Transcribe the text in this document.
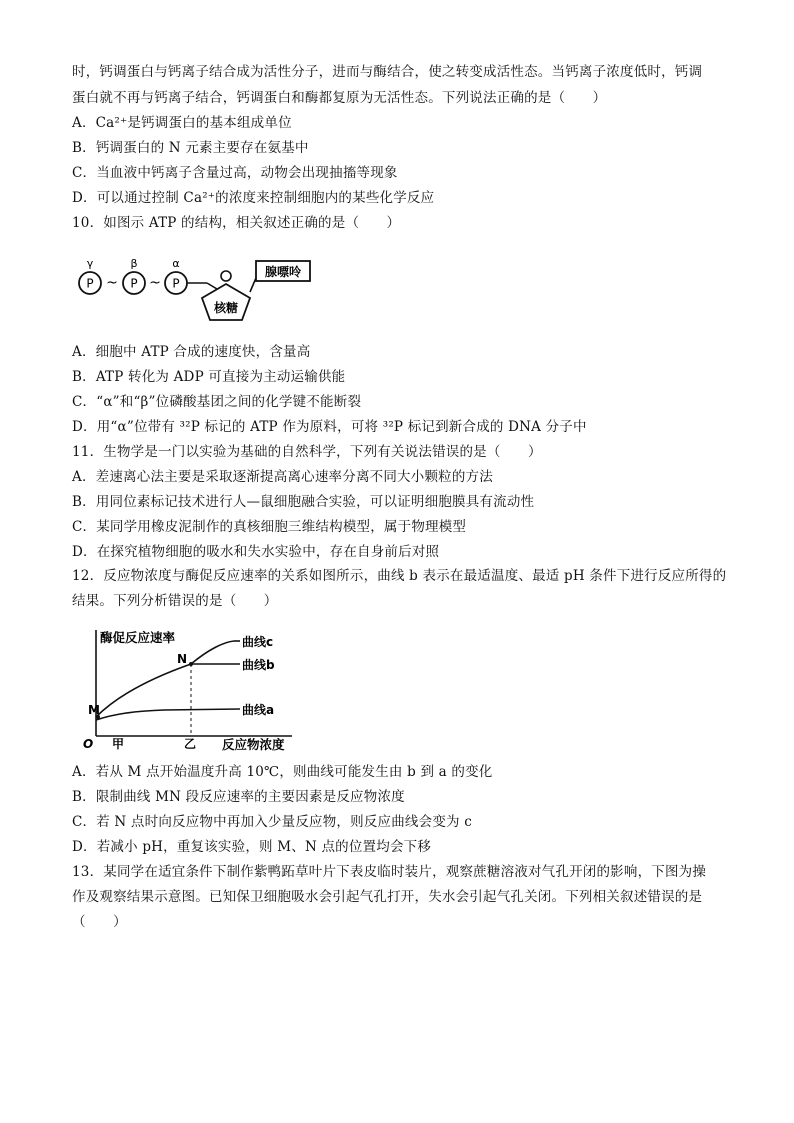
时，钙调蛋白与钙离子结合成为活性分子，进而与酶结合，使之转变成活性态。当钙离子浓度低时，钙调
蛋白就不再与钙离子结合，钙调蛋白和酶都复原为无活性态。下列说法正确的是（　　）
A．Ca²⁺是钙调蛋白的基本组成单位
B．钙调蛋白的 N 元素主要存在氨基中
C．当血液中钙离子含量过高，动物会出现抽搐等现象
D．可以通过控制 Ca²⁺的浓度来控制细胞内的某些化学反应
10．如图示 ATP 的结构，相关叙述正确的是（　　）
γ	β	α
P ~ P ~ P
核糖
腺嘌呤
A．细胞中 ATP 合成的速度快，含量高
B．ATP 转化为 ADP 可直接为主动运输供能
C．“α”和“β”位磷酸基团之间的化学键不能断裂
D．用“α”位带有 ³²P 标记的 ATP 作为原料，可将 ³²P 标记到新合成的 DNA 分子中
11．生物学是一门以实验为基础的自然科学，下列有关说法错误的是（　　）
A．差速离心法主要是采取逐渐提高离心速率分离不同大小颗粒的方法
B．用同位素标记技术进行人—鼠细胞融合实验，可以证明细胞膜具有流动性
C．某同学用橡皮泥制作的真核细胞三维结构模型，属于物理模型
D．在探究植物细胞的吸水和失水实验中，存在自身前后对照
12．反应物浓度与酶促反应速率的关系如图所示，曲线 b 表示在最适温度、最适 pH 条件下进行反应所得的
结果。下列分析错误的是（　　）
酶促反应速率
反应物浓度
O 甲	乙
M
N
曲线c
曲线b
曲线a
A．若从 M 点开始温度升高 10℃，则曲线可能发生由 b 到 a 的变化
B．限制曲线 MN 段反应速率的主要因素是反应物浓度
C．若 N 点时向反应物中再加入少量反应物，则反应曲线会变为 c
D．若减小 pH，重复该实验，则 M、N 点的位置均会下移
13．某同学在适宜条件下制作紫鸭跖草叶片下表皮临时装片，观察蔗糖溶液对气孔开闭的影响，下图为操
作及观察结果示意图。已知保卫细胞吸水会引起气孔打开，失水会引起气孔关闭。下列相关叙述错误的是
（　　）
